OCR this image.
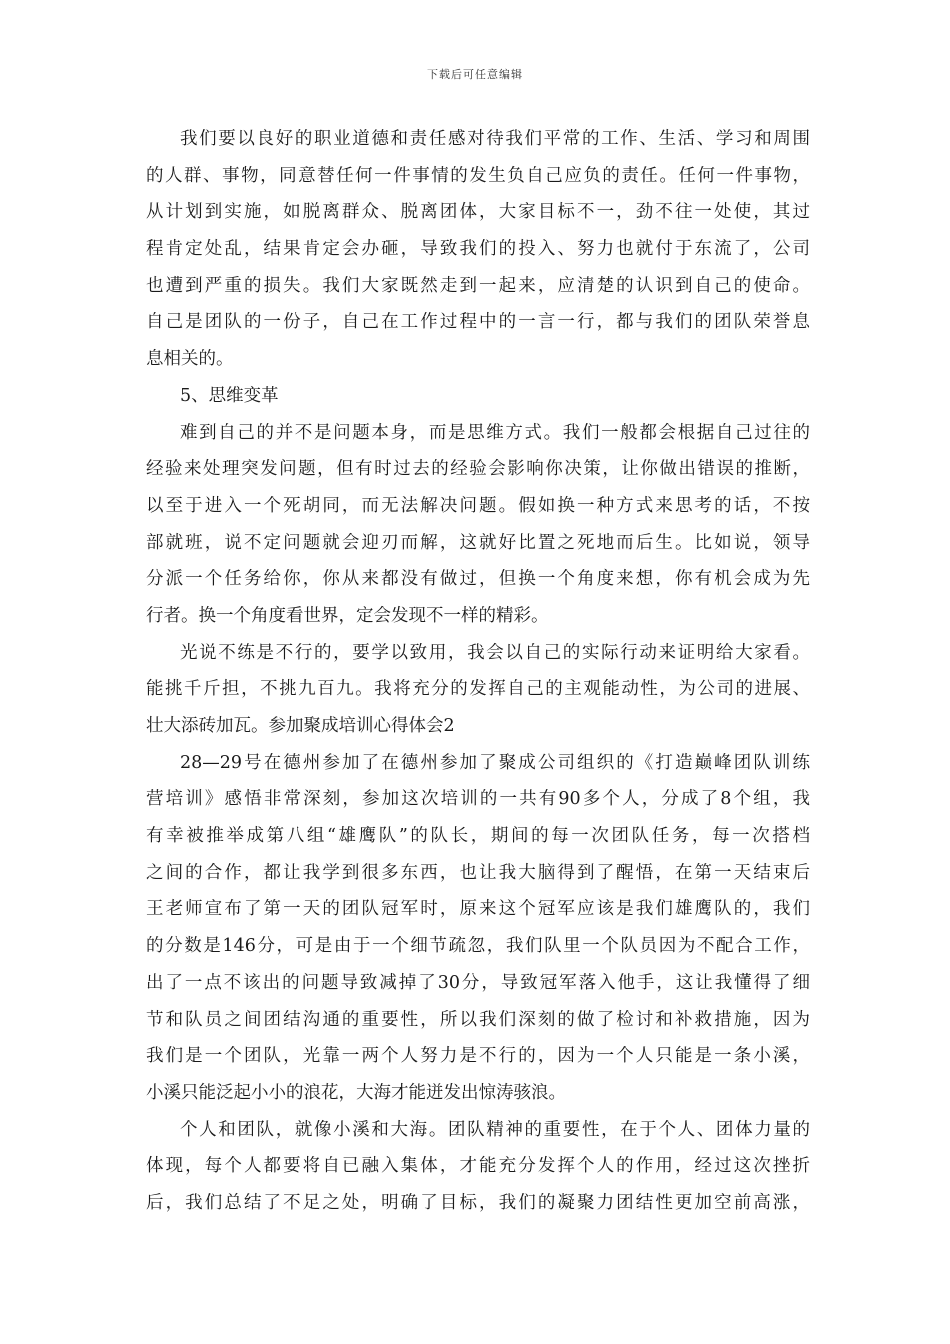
下载后可任意编辑
我们要以良好的职业道德和责任感对待我们平常的工作、生活、学习和周围
的人群、事物，同意替任何一件事情的发生负自己应负的责任。任何一件事物，
从计划到实施，如脱离群众、脱离团体，大家目标不一，劲不往一处使，其过
程肯定处乱，结果肯定会办砸，导致我们的投入、努力也就付于东流了，公司
也遭到严重的损失。我们大家既然走到一起来，应清楚的认识到自己的使命。
自己是团队的一份子，自己在工作过程中的一言一行，都与我们的团队荣誉息
息相关的。
5、思维变革
难到自己的并不是问题本身，而是思维方式。我们一般都会根据自己过往的
经验来处理突发问题，但有时过去的经验会影响你决策，让你做出错误的推断，
以至于进入一个死胡同，而无法解决问题。假如换一种方式来思考的话，不按
部就班，说不定问题就会迎刃而解，这就好比置之死地而后生。比如说，领导
分派一个任务给你，你从来都没有做过，但换一个角度来想，你有机会成为先
行者。换一个角度看世界，定会发现不一样的精彩。
光说不练是不行的，要学以致用，我会以自己的实际行动来证明给大家看。
能挑千斤担，不挑九百九。我将充分的发挥自己的主观能动性，为公司的进展、
壮大添砖加瓦。参加聚成培训心得体会2
28—29号在德州参加了在德州参加了聚成公司组织的《打造巅峰团队训练
营培训》感悟非常深刻，参加这次培训的一共有90多个人，分成了8个组，我
有幸被推举成第八组“雄鹰队”的队长，期间的每一次团队任务，每一次搭档
之间的合作，都让我学到很多东西，也让我大脑得到了醒悟，在第一天结束后
王老师宣布了第一天的团队冠军时，原来这个冠军应该是我们雄鹰队的，我们
的分数是146分，可是由于一个细节疏忽，我们队里一个队员因为不配合工作，
出了一点不该出的问题导致减掉了30分，导致冠军落入他手，这让我懂得了细
节和队员之间团结沟通的重要性，所以我们深刻的做了检讨和补救措施，因为
我们是一个团队，光靠一两个人努力是不行的，因为一个人只能是一条小溪，
小溪只能泛起小小的浪花，大海才能迸发出惊涛骇浪。
个人和团队，就像小溪和大海。团队精神的重要性，在于个人、团体力量的
体现，每个人都要将自已融入集体，才能充分发挥个人的作用，经过这次挫折
后，我们总结了不足之处，明确了目标，我们的凝聚力团结性更加空前高涨，
